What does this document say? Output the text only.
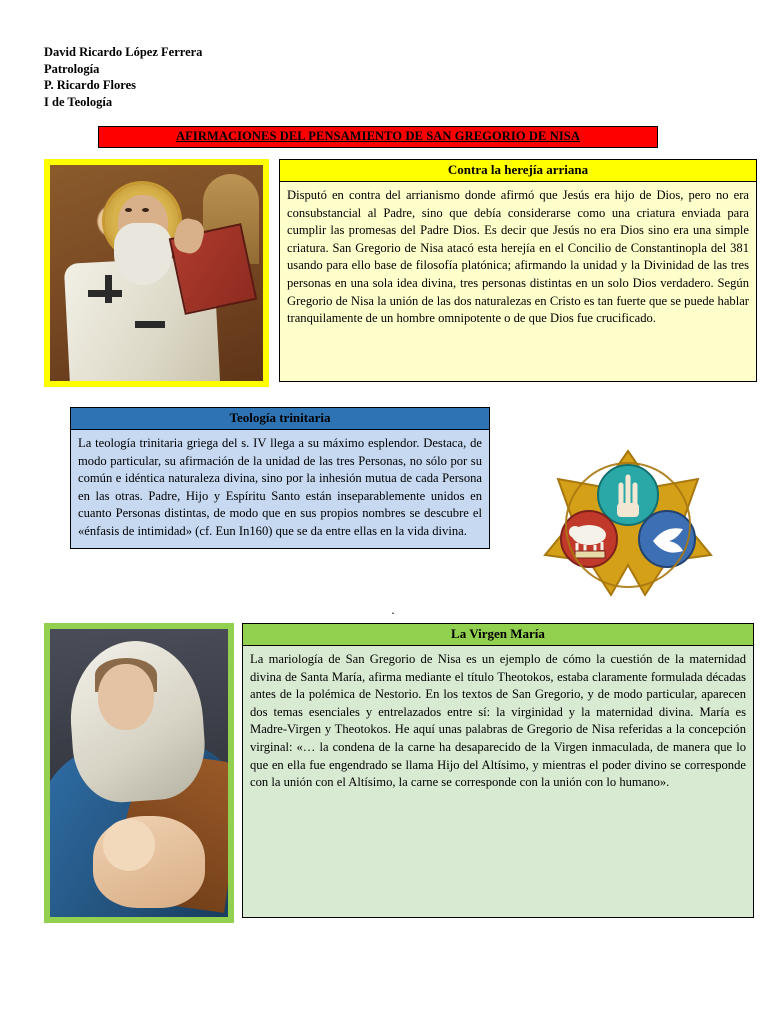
David Ricardo López Ferrera
Patrología
P. Ricardo Flores
I de Teología
AFIRMACIONES DEL PENSAMIENTO DE SAN GREGORIO DE NISA
Contra la herejía arriana
Disputó en contra del arrianismo donde afirmó que Jesús era hijo de Dios, pero no era consubstancial al Padre, sino que debía considerarse como una criatura enviada para cumplir las promesas del Padre Dios. Es decir que Jesús no era Dios sino era una simple criatura. San Gregorio de Nisa atacó esta herejía en el Concilio de Constantinopla del 381 usando para ello base de filosofía platónica; afirmando la unidad y la Divinidad de las tres personas en una sola idea divina, tres personas distintas en un solo Dios verdadero. Según Gregorio de Nisa la unión de las dos naturalezas en Cristo es tan fuerte que se puede hablar tranquilamente de un hombre omnipotente o de que Dios fue crucificado.
Teología trinitaria
La teología trinitaria griega del s. IV llega a su máximo esplendor. Destaca, de modo particular, su afirmación de la unidad de las tres Personas, no sólo por su común e idéntica naturaleza divina, sino por la inhesión mutua de cada Persona en las otras. Padre, Hijo y Espíritu Santo están inseparablemente unidos en cuanto Personas distintas, de modo que en sus propios nombres se descubre el «énfasis de intimidad» (cf. Eun In160) que se da entre ellas en la vida divina.
.
La Virgen María
La mariología de San Gregorio de Nisa es un ejemplo de cómo la cuestión de la maternidad divina de Santa María, afirma mediante el título Theotokos, estaba claramente formulada décadas antes de la polémica de Nestorio. En los textos de San Gregorio, y de modo particular, aparecen dos temas esenciales y entrelazados entre sí: la virginidad y la maternidad divina. María es Madre-Virgen y Theotokos. He aquí unas palabras de Gregorio de Nisa referidas a la concepción virginal: «… la condena de la carne ha desaparecido de la Virgen inmaculada, de manera que lo que en ella fue engendrado se llama Hijo del Altísimo, y mientras el poder divino se corresponde con la unión con el Altísimo, la carne se corresponde con la unión con lo humano».
